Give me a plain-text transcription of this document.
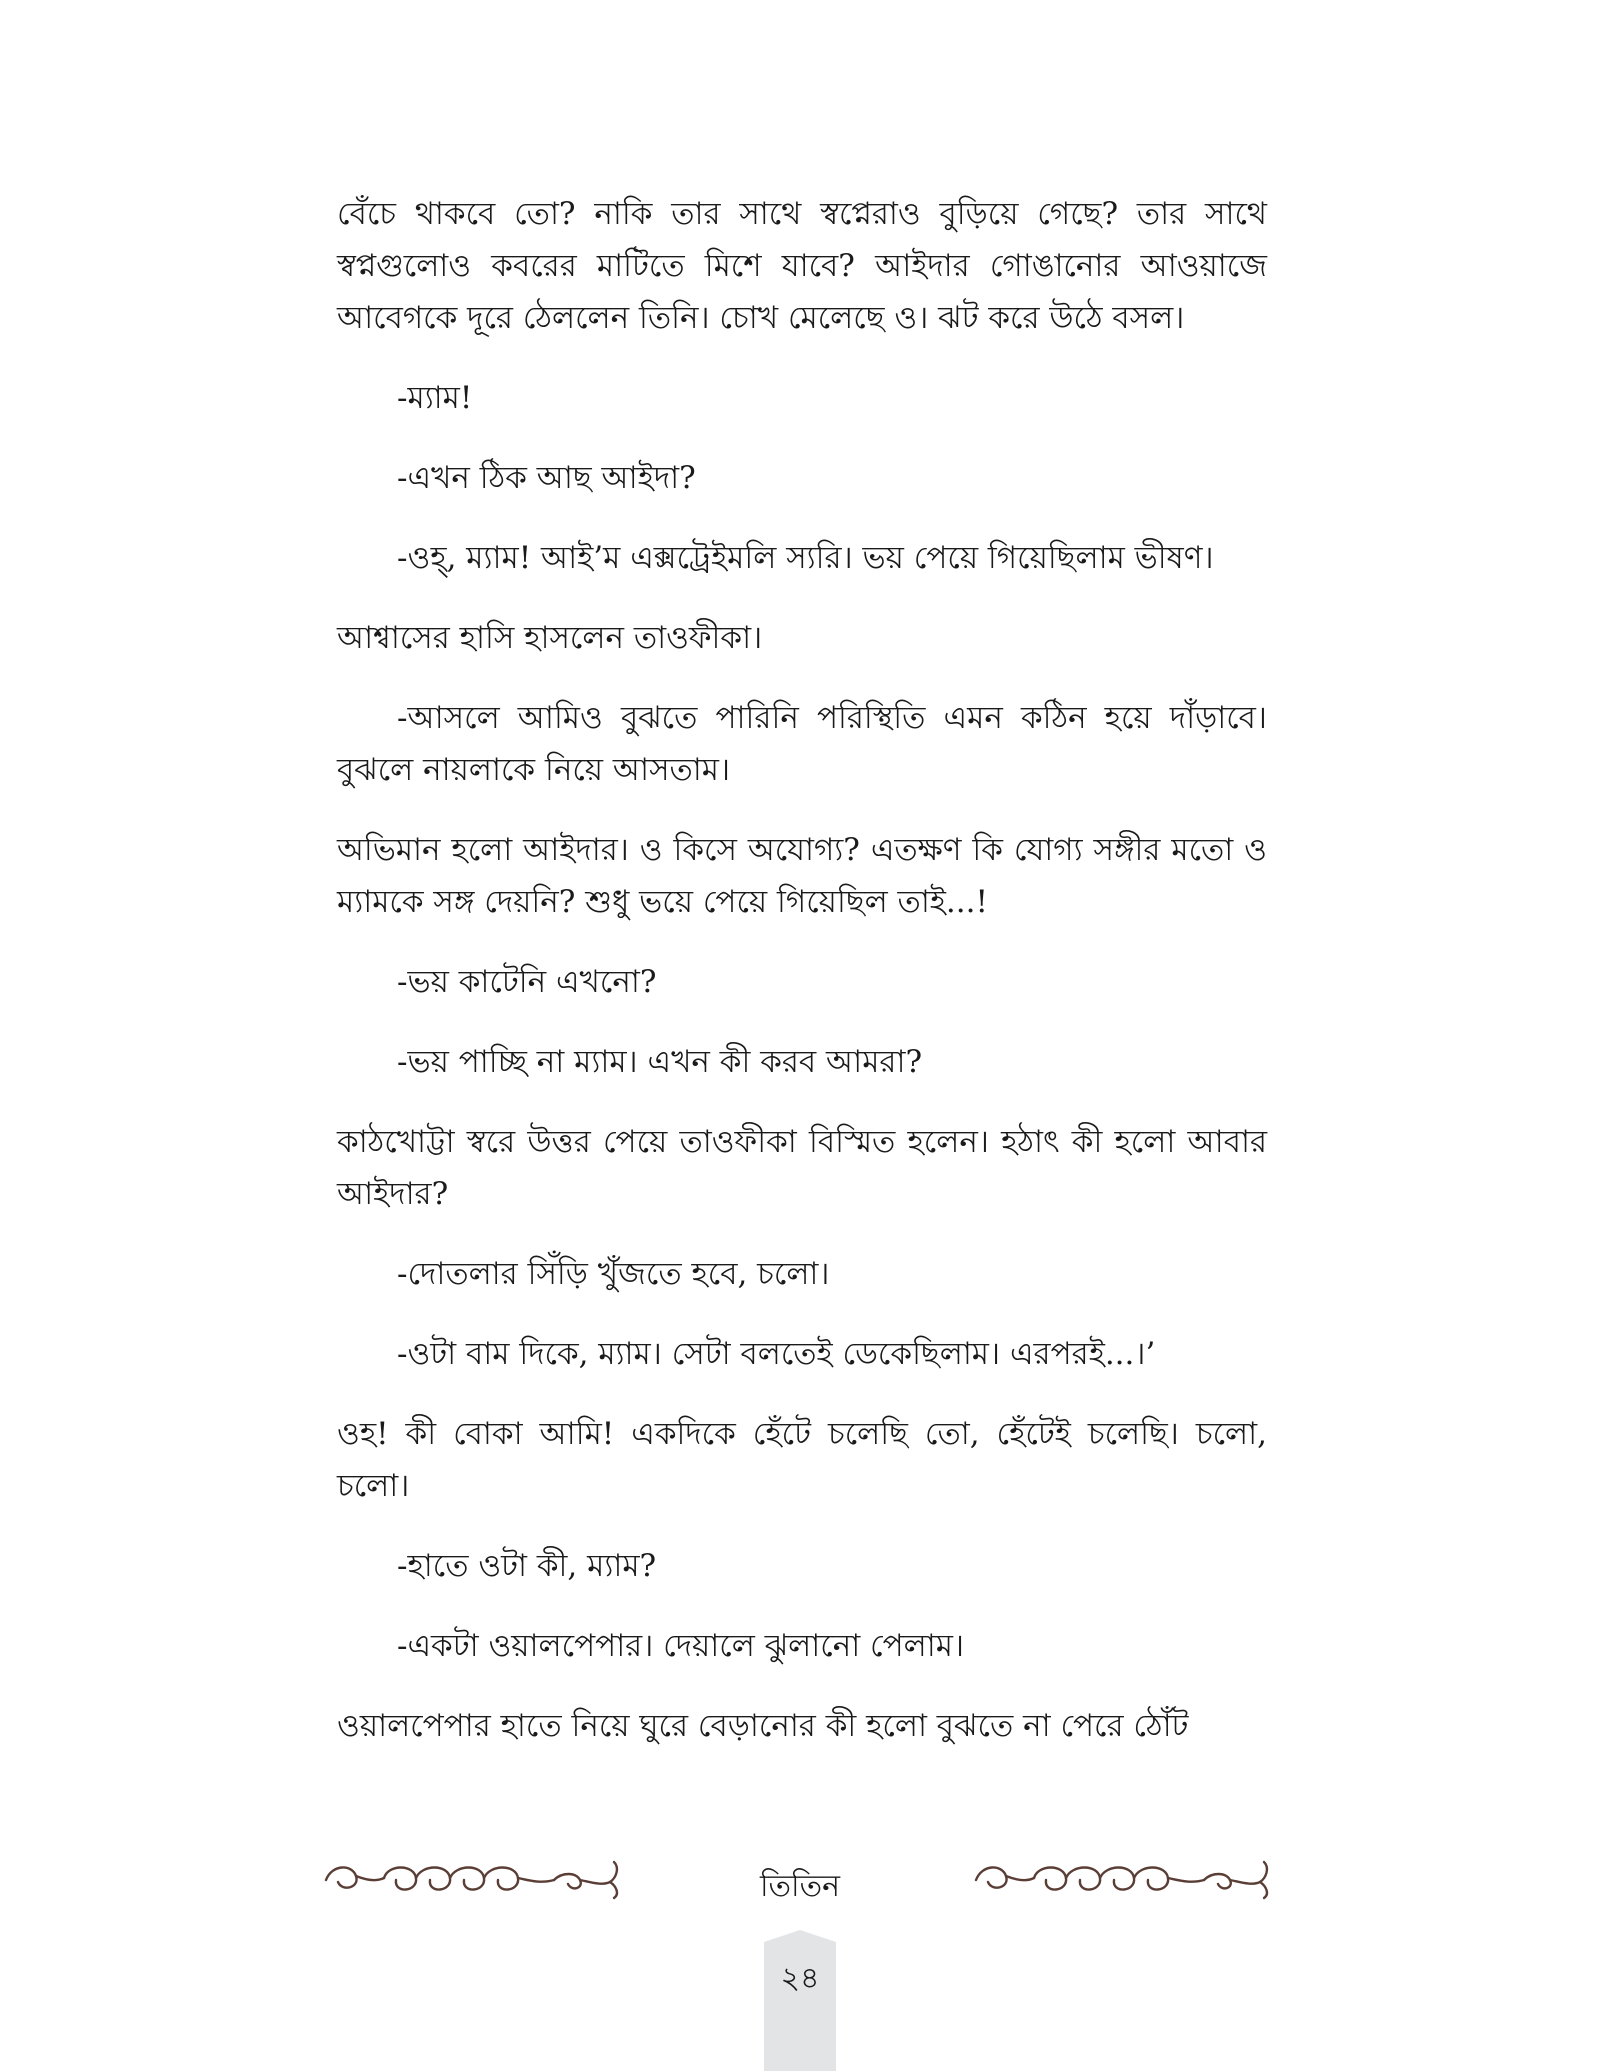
বেঁচে থাকবে তো? নাকি তার সাথে স্বপ্নেরাও বুড়িয়ে গেছে? তার সাথে স্বপ্নগুলোও কবরের মাটিতে মিশে যাবে? আইদার গোঙানোর আওয়াজে আবেগকে দূরে ঠেললেন তিনি। চোখ মেলেছে ও। ঝট করে উঠে বসল।

-ম্যাম!

-এখন ঠিক আছ আইদা?

-ওহ্, ম্যাম! আই’ম এক্সট্রেইমলি স্যরি। ভয় পেয়ে গিয়েছিলাম ভীষণ।

আশ্বাসের হাসি হাসলেন তাওফীকা।

-আসলে আমিও বুঝতে পারিনি পরিস্থিতি এমন কঠিন হয়ে দাঁড়াবে। বুঝলে নায়লাকে নিয়ে আসতাম।

অভিমান হলো আইদার। ও কিসে অযোগ্য? এতক্ষণ কি যোগ্য সঙ্গীর মতো ও ম্যামকে সঙ্গ দেয়নি? শুধু ভয়ে পেয়ে গিয়েছিল তাই...!

-ভয় কাটেনি এখনো?

-ভয় পাচ্ছি না ম্যাম। এখন কী করব আমরা?

কাঠখোট্টা স্বরে উত্তর পেয়ে তাওফীকা বিস্মিত হলেন। হঠাৎ কী হলো আবার আইদার?

-দোতলার সিঁড়ি খুঁজতে হবে, চলো।

-ওটা বাম দিকে, ম্যাম। সেটা বলতেই ডেকেছিলাম। এরপরই...।’

ওহ! কী বোকা আমি! একদিকে হেঁটে চলেছি তো, হেঁটেই চলেছি। চলো, চলো।

-হাতে ওটা কী, ম্যাম?

-একটা ওয়ালপেপার। দেয়ালে ঝুলানো পেলাম।

ওয়ালপেপার হাতে নিয়ে ঘুরে বেড়ানোর কী হলো বুঝতে না পেরে ঠোঁট

তিতিন
২৪
